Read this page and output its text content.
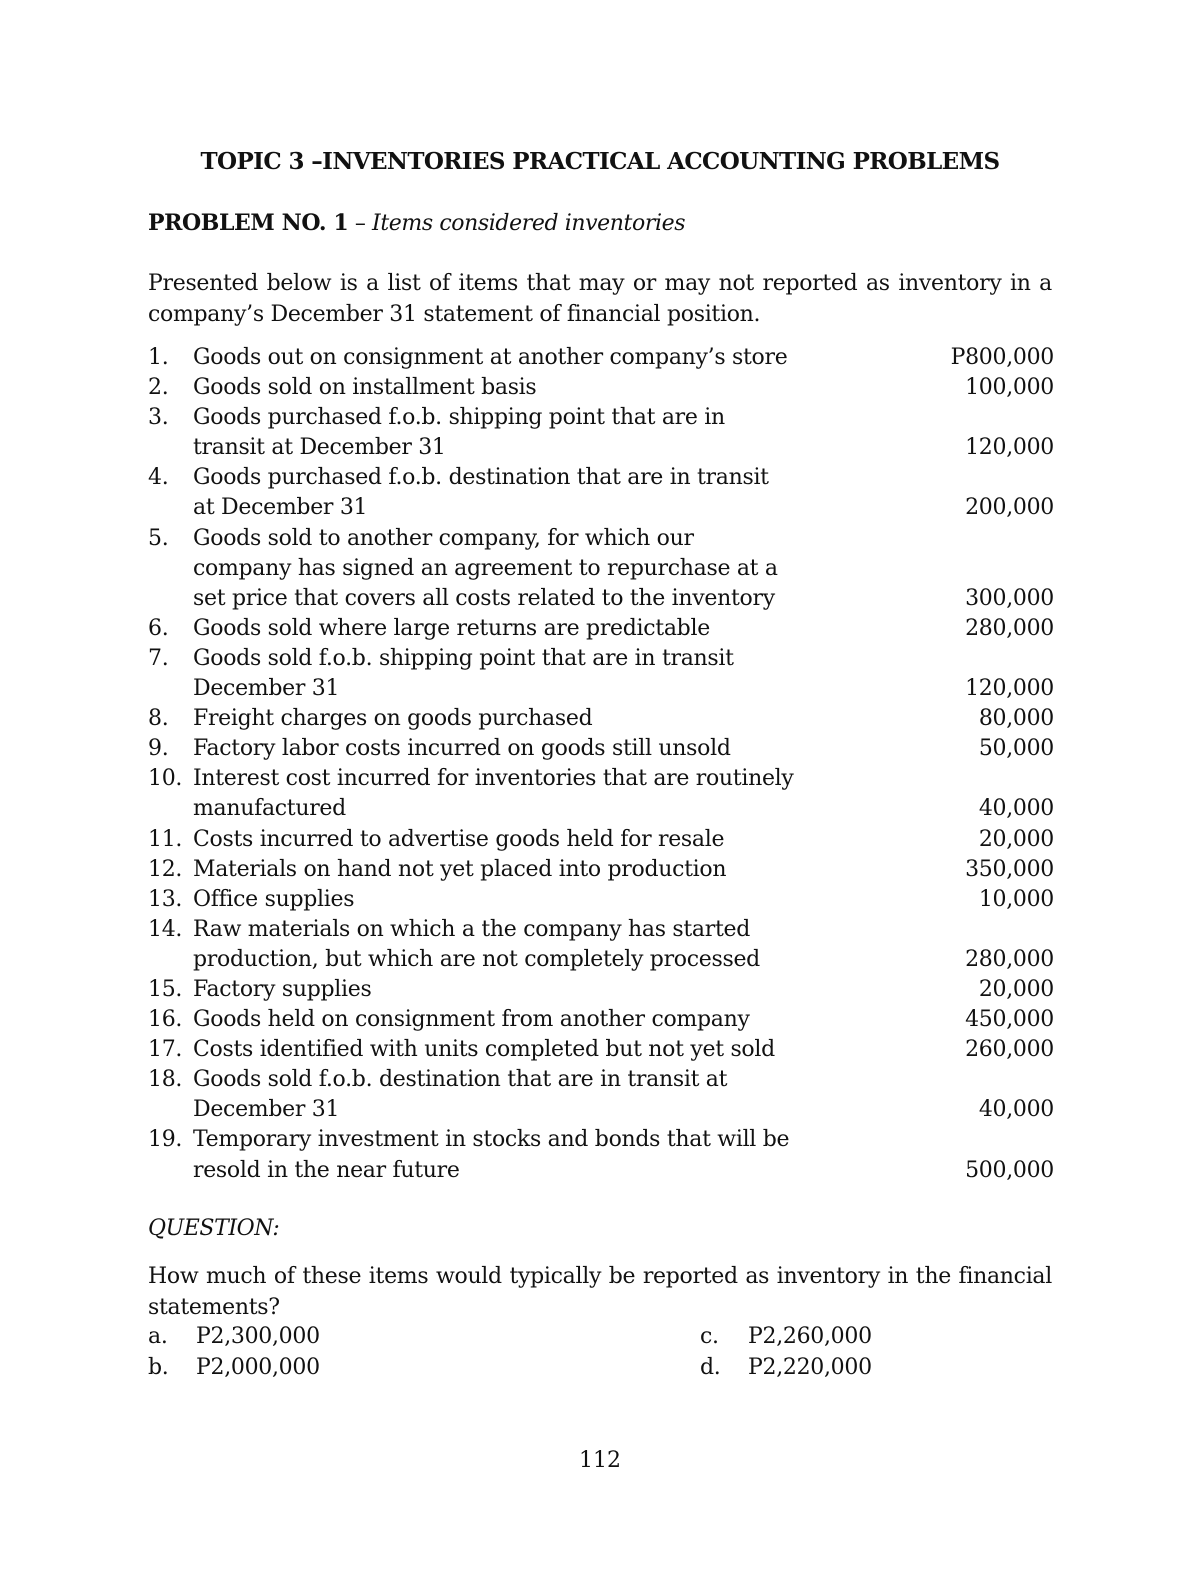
TOPIC 3 –INVENTORIES PRACTICAL ACCOUNTING PROBLEMS
PROBLEM NO. 1 – Items considered inventories
Presented below is a list of items that may or may not reported as inventory in a company’s December 31 statement of financial position.
1. Goods out on consignment at another company’s store	P800,000
2. Goods sold on installment basis	100,000
3. Goods purchased f.o.b. shipping point that are in
transit at December 31	120,000
4. Goods purchased f.o.b. destination that are in transit
at December 31	200,000
5. Goods sold to another company, for which our
company has signed an agreement to repurchase at a
set price that covers all costs related to the inventory	300,000
6. Goods sold where large returns are predictable	280,000
7. Goods sold f.o.b. shipping point that are in transit
December 31	120,000
8. Freight charges on goods purchased	80,000
9. Factory labor costs incurred on goods still unsold	50,000
10. Interest cost incurred for inventories that are routinely
manufactured	40,000
11. Costs incurred to advertise goods held for resale	20,000
12. Materials on hand not yet placed into production	350,000
13. Office supplies	10,000
14. Raw materials on which a the company has started
production, but which are not completely processed	280,000
15. Factory supplies	20,000
16. Goods held on consignment from another company	450,000
17. Costs identified with units completed but not yet sold	260,000
18. Goods sold f.o.b. destination that are in transit at
December 31	40,000
19. Temporary investment in stocks and bonds that will be
resold in the near future	500,000
QUESTION:
How much of these items would typically be reported as inventory in the financial statements?
a. P2,300,000
b. P2,000,000
c. P2,260,000
d. P2,220,000
112
